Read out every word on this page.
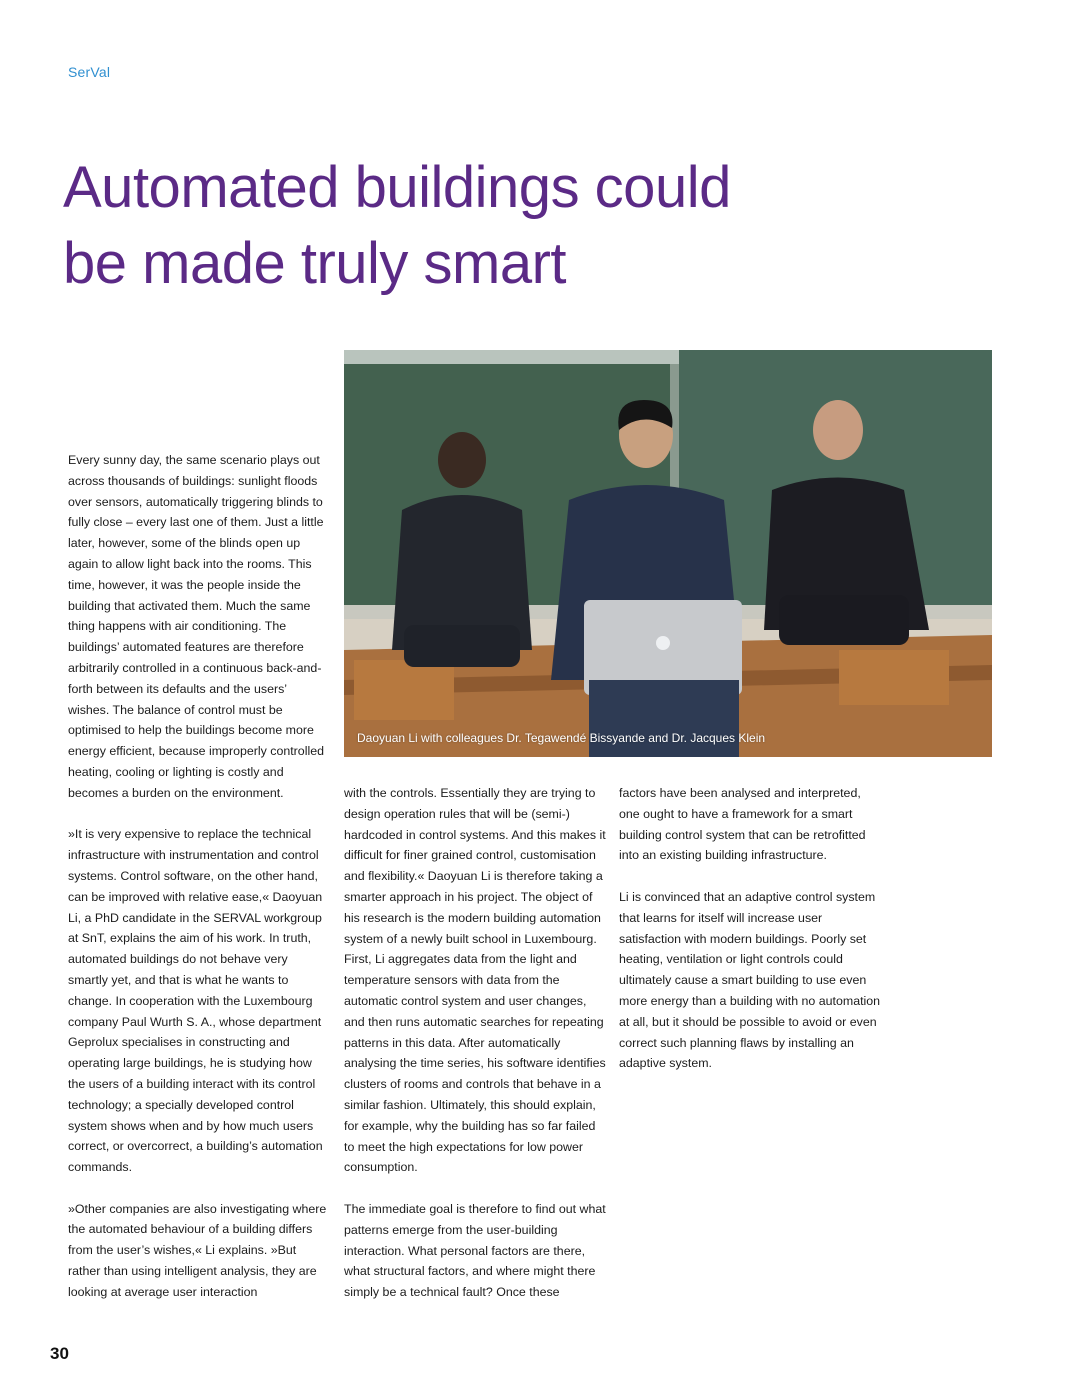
SerVal
Automated buildings could
be made truly smart
Daoyuan Li with colleagues Dr. Tegawendé Bissyande and Dr. Jacques Klein

Every sunny day, the same scenario plays out across thousands of buildings: sunlight floods over sensors, automatically triggering blinds to fully close – every last one of them. Just a little later, however, some of the blinds open up again to allow light back into the rooms. This time, however, it was the people inside the building that activated them. Much the same thing happens with air conditioning. The buildings’ automated features are therefore arbitrarily controlled in a continuous back-and-forth between its defaults and the users’ wishes. The balance of control must be optimised to help the buildings become more energy efficient, because improperly controlled heating, cooling or lighting is costly and becomes a burden on the environment.

»It is very expensive to replace the technical infrastructure with instrumentation and control systems. Control software, on the other hand, can be improved with relative ease,« Daoyuan Li, a PhD candidate in the SERVAL workgroup at SnT, explains the aim of his work. In truth, automated buildings do not behave very smartly yet, and that is what he wants to change. In cooperation with the Luxembourg company Paul Wurth S. A., whose department Geprolux specialises in constructing and operating large buildings, he is studying how the users of a building interact with its control technology; a specially developed control system shows when and by how much users correct, or overcorrect, a building’s automation commands.

»Other companies are also investigating where the automated behaviour of a building differs from the user’s wishes,« Li explains. »But rather than using intelligent analysis, they are looking at average user interaction

with the controls. Essentially they are trying to design operation rules that will be (semi-) hardcoded in control systems. And this makes it difficult for finer grained control, customisation and flexibility.« Daoyuan Li is therefore taking a smarter approach in his project. The object of his research is the modern building automation system of a newly built school in Luxembourg. First, Li aggregates data from the light and temperature sensors with data from the automatic control system and user changes, and then runs automatic searches for repeating patterns in this data. After automatically analysing the time series, his software identifies clusters of rooms and controls that behave in a similar fashion. Ultimately, this should explain, for example, why the building has so far failed to meet the high expectations for low power consumption.

The immediate goal is therefore to find out what patterns emerge from the user-building interaction. What personal factors are there, what structural factors, and where might there simply be a technical fault? Once these

factors have been analysed and interpreted, one ought to have a framework for a smart building control system that can be retrofitted into an existing building infrastructure.

Li is convinced that an adaptive control system that learns for itself will increase user satisfaction with modern buildings. Poorly set heating, ventilation or light controls could ultimately cause a smart building to use even more energy than a building with no automation at all, but it should be possible to avoid or even correct such planning flaws by installing an adaptive system.

30
